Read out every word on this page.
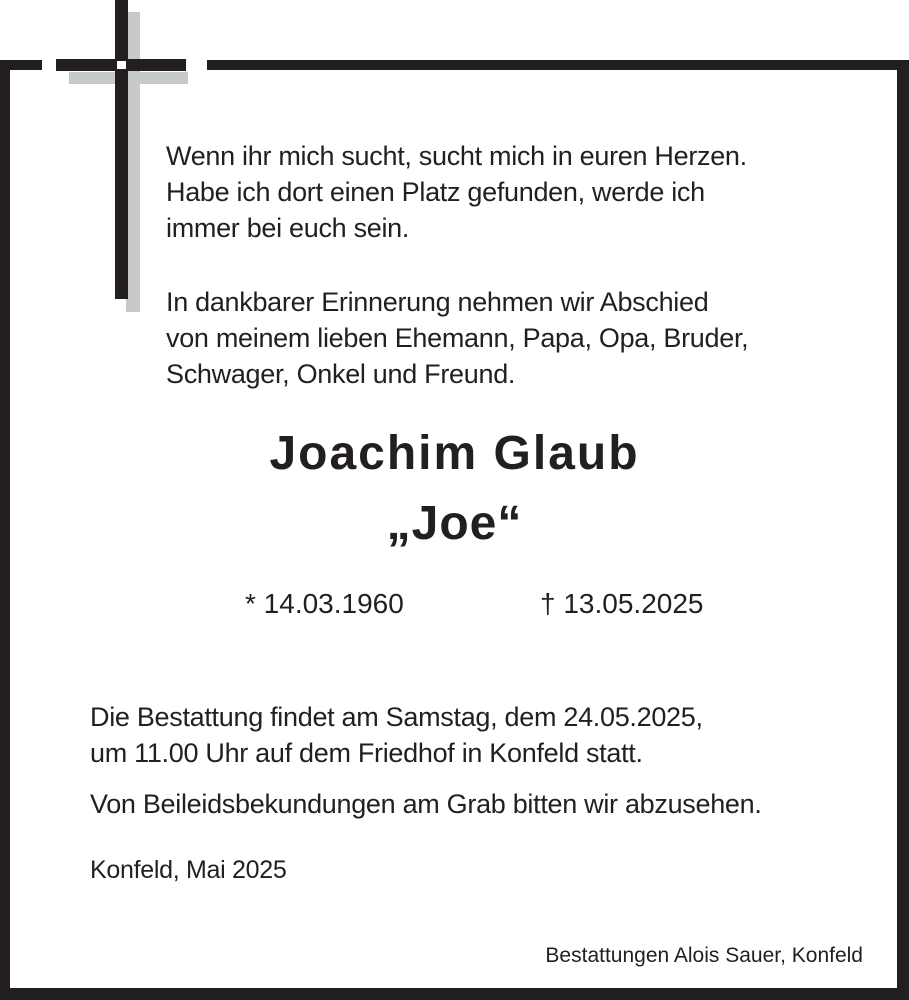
Wenn ihr mich sucht, sucht mich in euren Herzen.
Habe ich dort einen Platz gefunden, werde ich
immer bei euch sein.
In dankbarer Erinnerung nehmen wir Abschied
von meinem lieben Ehemann, Papa, Opa, Bruder,
Schwager, Onkel und Freund.
Joachim Glaub
„Joe“
* 14.03.1960	† 13.05.2025
Die Bestattung findet am Samstag, dem 24.05.2025,
um 11.00 Uhr auf dem Friedhof in Konfeld statt.
Von Beileidsbekundungen am Grab bitten wir abzusehen.
Konfeld, Mai 2025
Bestattungen Alois Sauer, Konfeld
